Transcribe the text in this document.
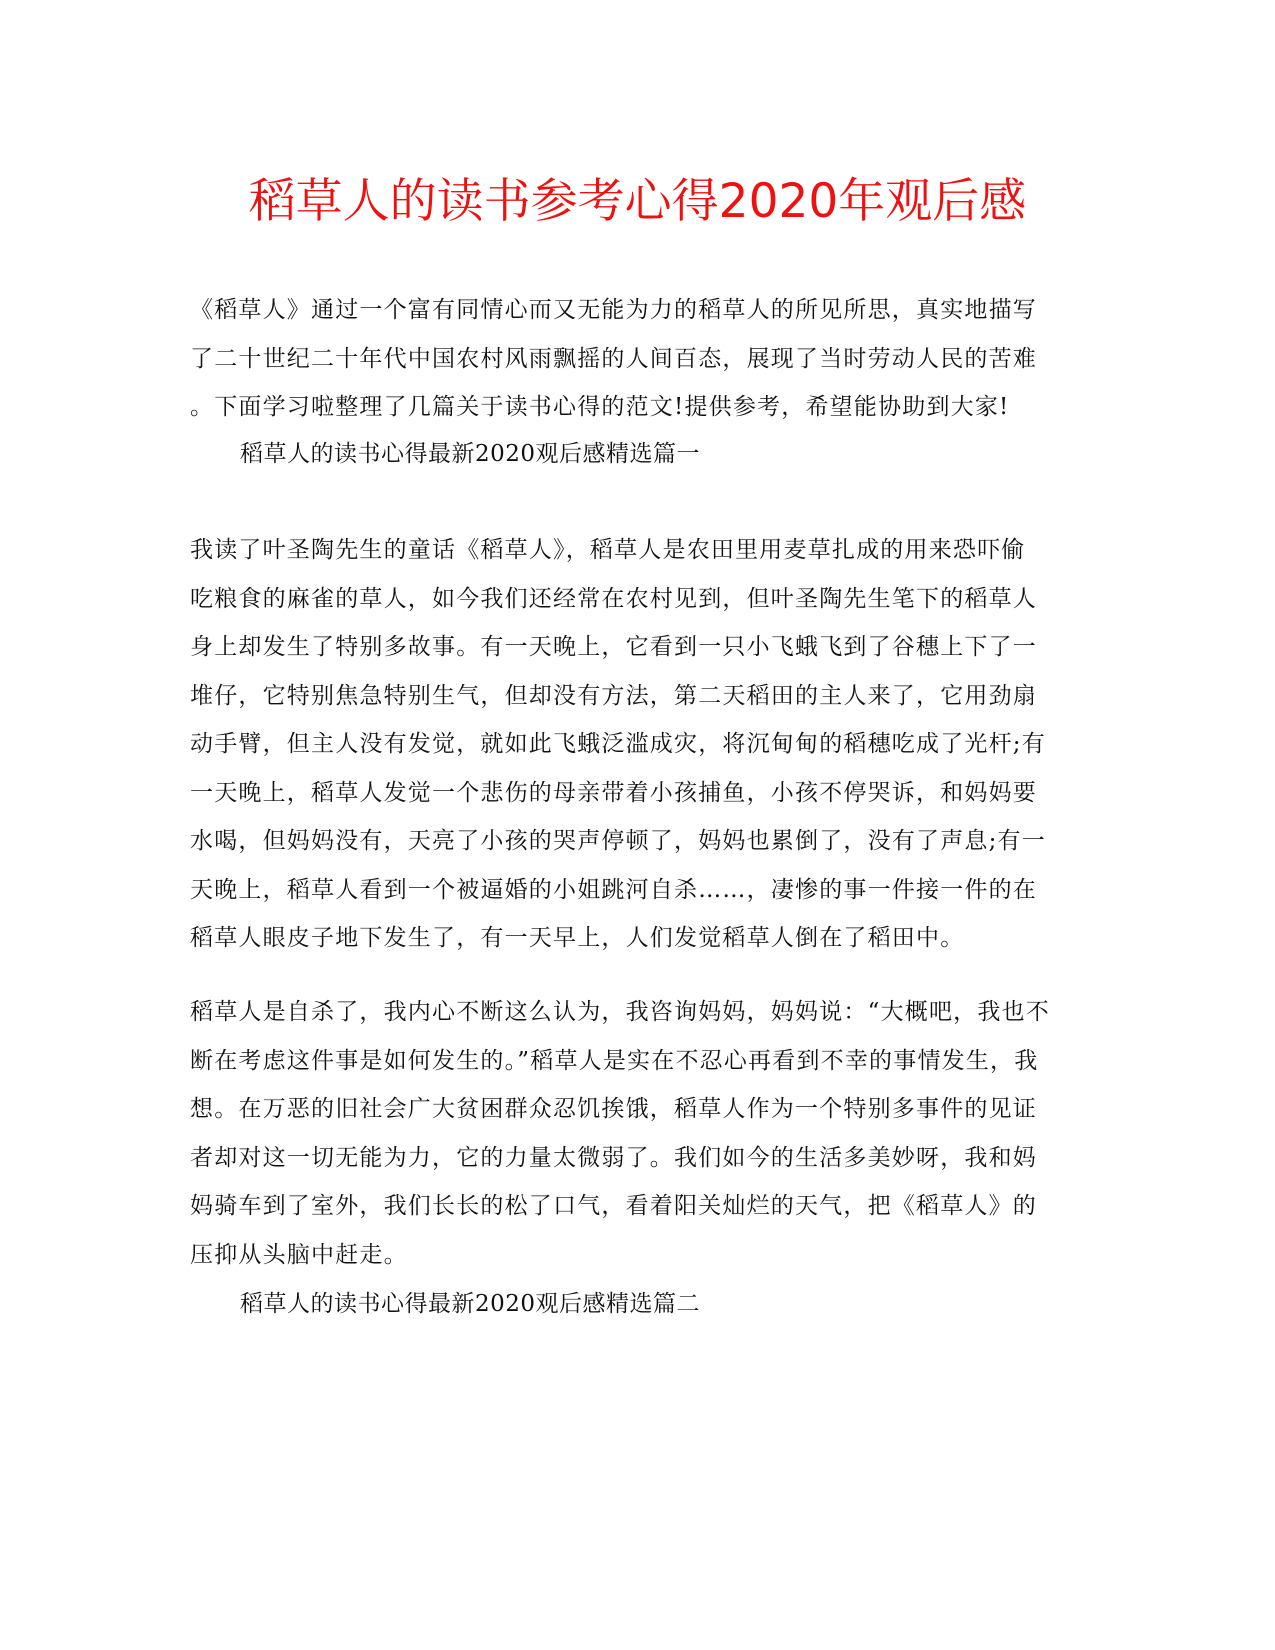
稻草人的读书参考心得2020年观后感
《稻草人》通过一个富有同情心而又无能为力的稻草人的所见所思，真实地描写
了二十世纪二十年代中国农村风雨飘摇的人间百态，展现了当时劳动人民的苦难
。下面学习啦整理了几篇关于读书心得的范文!提供参考，希望能协助到大家!
稻草人的读书心得最新2020观后感精选篇一
我读了叶圣陶先生的童话《稻草人》，稻草人是农田里用麦草扎成的用来恐吓偷
吃粮食的麻雀的草人，如今我们还经常在农村见到，但叶圣陶先生笔下的稻草人
身上却发生了特别多故事。有一天晚上，它看到一只小飞蛾飞到了谷穗上下了一
堆仔，它特别焦急特别生气，但却没有方法，第二天稻田的主人来了，它用劲扇
动手臂，但主人没有发觉，就如此飞蛾泛滥成灾，将沉甸甸的稻穗吃成了光杆;有
一天晚上，稻草人发觉一个悲伤的母亲带着小孩捕鱼，小孩不停哭诉，和妈妈要
水喝，但妈妈没有，天亮了小孩的哭声停顿了，妈妈也累倒了，没有了声息;有一
天晚上，稻草人看到一个被逼婚的小姐跳河自杀……，凄惨的事一件接一件的在
稻草人眼皮子地下发生了，有一天早上，人们发觉稻草人倒在了稻田中。
稻草人是自杀了，我内心不断这么认为，我咨询妈妈，妈妈说：“大概吧，我也不
断在考虑这件事是如何发生的。”稻草人是实在不忍心再看到不幸的事情发生，我
想。在万恶的旧社会广大贫困群众忍饥挨饿，稻草人作为一个特别多事件的见证
者却对这一切无能为力，它的力量太微弱了。我们如今的生活多美妙呀，我和妈
妈骑车到了室外，我们长长的松了口气，看着阳关灿烂的天气，把《稻草人》的
压抑从头脑中赶走。
稻草人的读书心得最新2020观后感精选篇二
